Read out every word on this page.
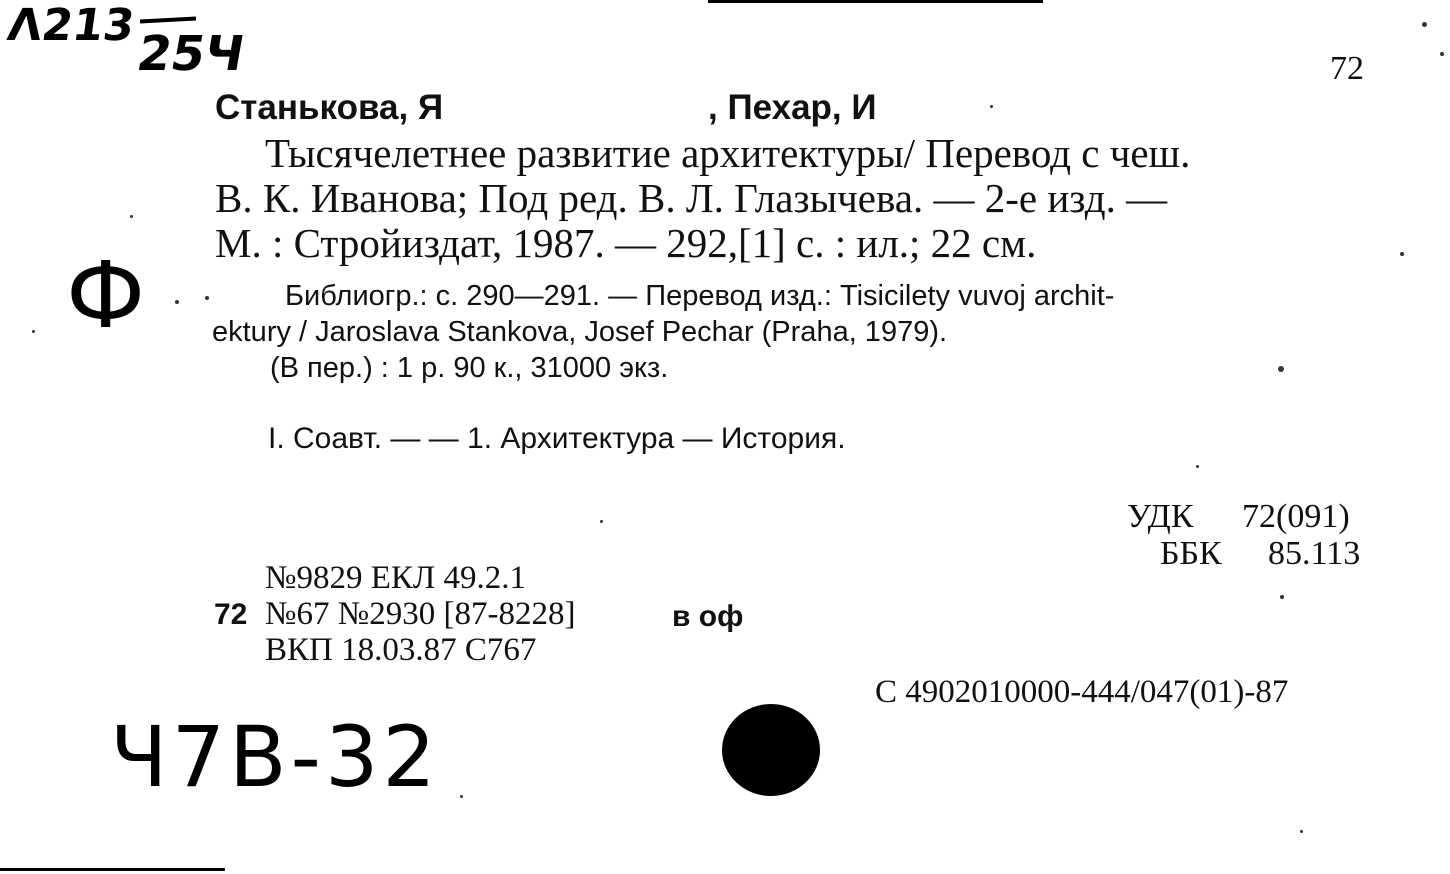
Λ213
25Ч	72
Станькова, Я	, Пехар, И
Тысячелетнее развитие архитектуры/ Перевод с чеш.
В. К. Иванова; Под ред. В. Л. Глазычева. — 2-е изд. —
М. : Стройиздат, 1987. — 292,[1] с. : ил.; 22 см.
Ф	Библиогр.: с. 290—291. — Перевод изд.: Tisicilety vuvoj archit-
ektury / Jaroslava Stankova, Josef Pechar (Praha, 1979).
(В пер.) : 1 р. 90 к., 31000 экз.
I. Соавт. — — 1. Архитектура — История.
УДК 72(091)
ББК 85.113
№9829 ЕКЛ 49.2.1
72 №67 №2930 [87-8228]	в оф
ВКП 18.03.87 С767
С 4902010000-444/047(01)-87
Ч7В-32
